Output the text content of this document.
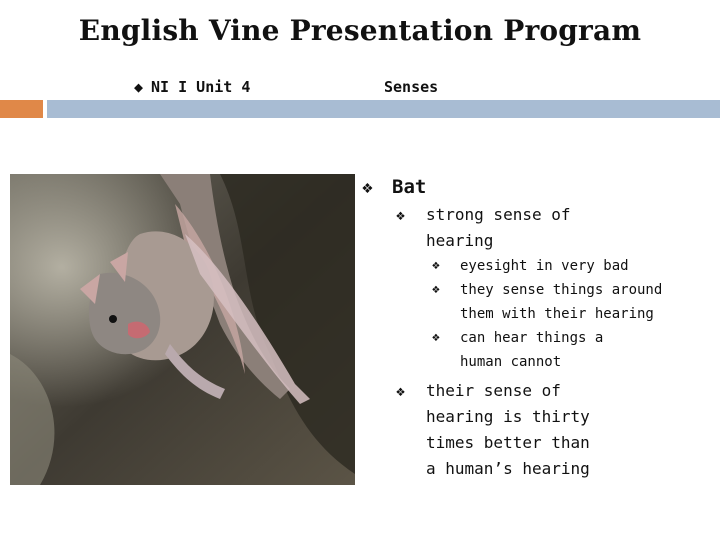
English Vine Presentation Program
◆ NI I Unit 4	Senses
❖	Bat
❖	strong sense of
hearing
❖	eyesight in very bad
❖	they sense things around
them with their hearing
❖	can hear things a
human cannot
❖	their sense of
hearing is thirty
times better than
a human’s hearing
